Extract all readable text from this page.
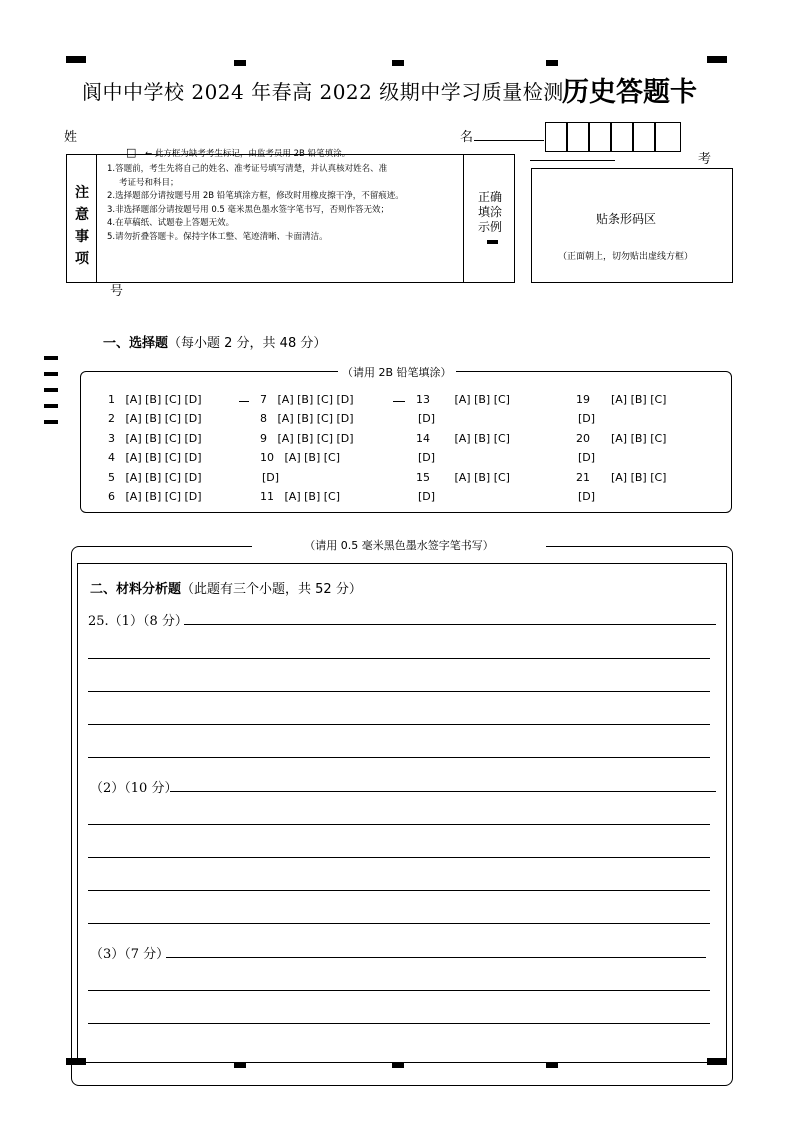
阆中中学校 2024 年春高 2022 级期中学习质量检测
历史答题卡
姓	名
考
号
注
意
事
项
□ ← 此方框为缺考考生标记，由监考员用 2B 铅笔填涂。
1.答题前，考生先将自己的姓名、准考证号填写清楚，并认真核对姓名、准
考证号和科目；
2.选择题部分请按题号用 2B 铅笔填涂方框，修改时用橡皮擦干净，不留痕迹。
3.非选择题部分请按题号用 0.5 毫米黑色墨水签字笔书写，否则作答无效；
4.在草稿纸、试题卷上答题无效。
5.请勿折叠答题卡。保持字体工整、笔迹清晰、卡面清洁。
正确
填涂
示例
贴条形码区
（正面朝上，切勿贴出虚线方框）
一、选择题（每小题 2 分，共 48 分）
（请用 2B 铅笔填涂）
1 [A] [B] [C] [D]
2 [A] [B] [C] [D]
3 [A] [B] [C] [D]
4 [A] [B] [C] [D]
5 [A] [B] [C] [D]
6 [A] [B] [C] [D]
7 [A] [B] [C] [D]
8 [A] [B] [C] [D]
9 [A] [B] [C] [D]
10 [A] [B] [C]
[D]
11 [A] [B] [C]
13 [A] [B] [C]
[D]
14 [A] [B] [C]
[D]
15 [A] [B] [C]
[D]
19 [A] [B] [C]
[D]
20 [A] [B] [C]
[D]
21 [A] [B] [C]
[D]
（请用 0.5 毫米黑色墨水签字笔书写）
二、材料分析题（此题有三个小题，共 52 分）
25.（1）（8 分）
（2）（10 分）
（3）（7 分）
